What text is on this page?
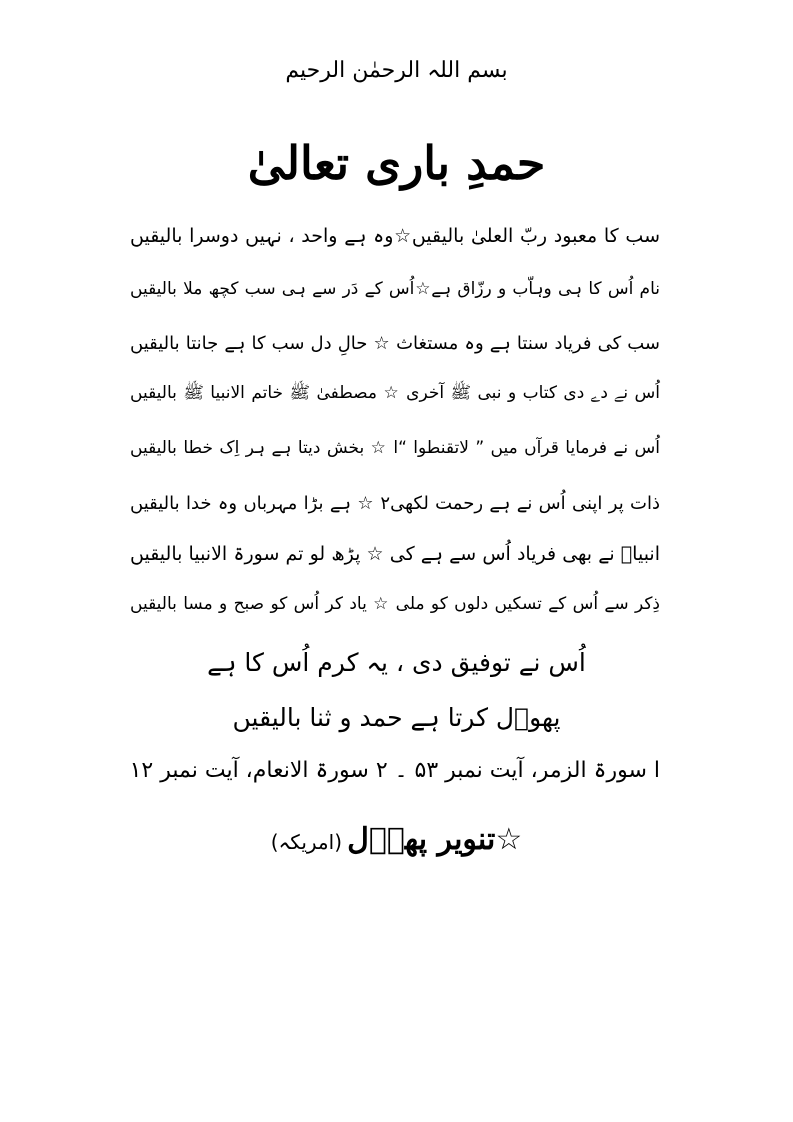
بسم اللہ الرحمٰن الرحیم
حمدِ باری تعالیٰ
سب کا معبود ربّ العلیٰ بالیقیں☆وہ ہے واحد ، نہیں دوسرا بالیقیں
نام اُس کا ہی وہاّب و رزّاق ہے☆اُس کے دَر سے ہی سب کچھ ملا بالیقیں
سب کی فریاد سنتا ہے وہ مستغاث ☆ حالِ دل سب کا ہے جانتا بالیقیں
اُس نے دے دی کتاب و نبی ﷺ آخری ☆ مصطفیٰ ﷺ خاتم الانبیا ﷺ بالیقیں
اُس نے فرمایا قرآں میں ” لاتقنطوا “ا ☆ بخش دیتا ہے ہر اِک خطا بالیقیں
ذات پر اپنی اُس نے ہے رحمت لکھی۲ ☆ ہے بڑا مہرباں وہ خدا بالیقیں
انبیاؑ نے بھی فریاد اُس سے ہے کی ☆ پڑھ لو تم سورۃ الانبیا بالیقیں
ذِکر سے اُس کے تسکیں دلوں کو ملی ☆ یاد کر اُس کو صبح و مسا بالیقیں
اُس نے توفیق دی ، یہ کرم اُس کا ہے
پھوؔل کرتا ہے حمد و ثنا بالیقیں
ا سورۃ الزمر، آیت نمبر ۵۳ ۔ ۲ سورۃ الانعام، آیت نمبر ۱۲
☆تنویر پھوؔل (امریکہ)
